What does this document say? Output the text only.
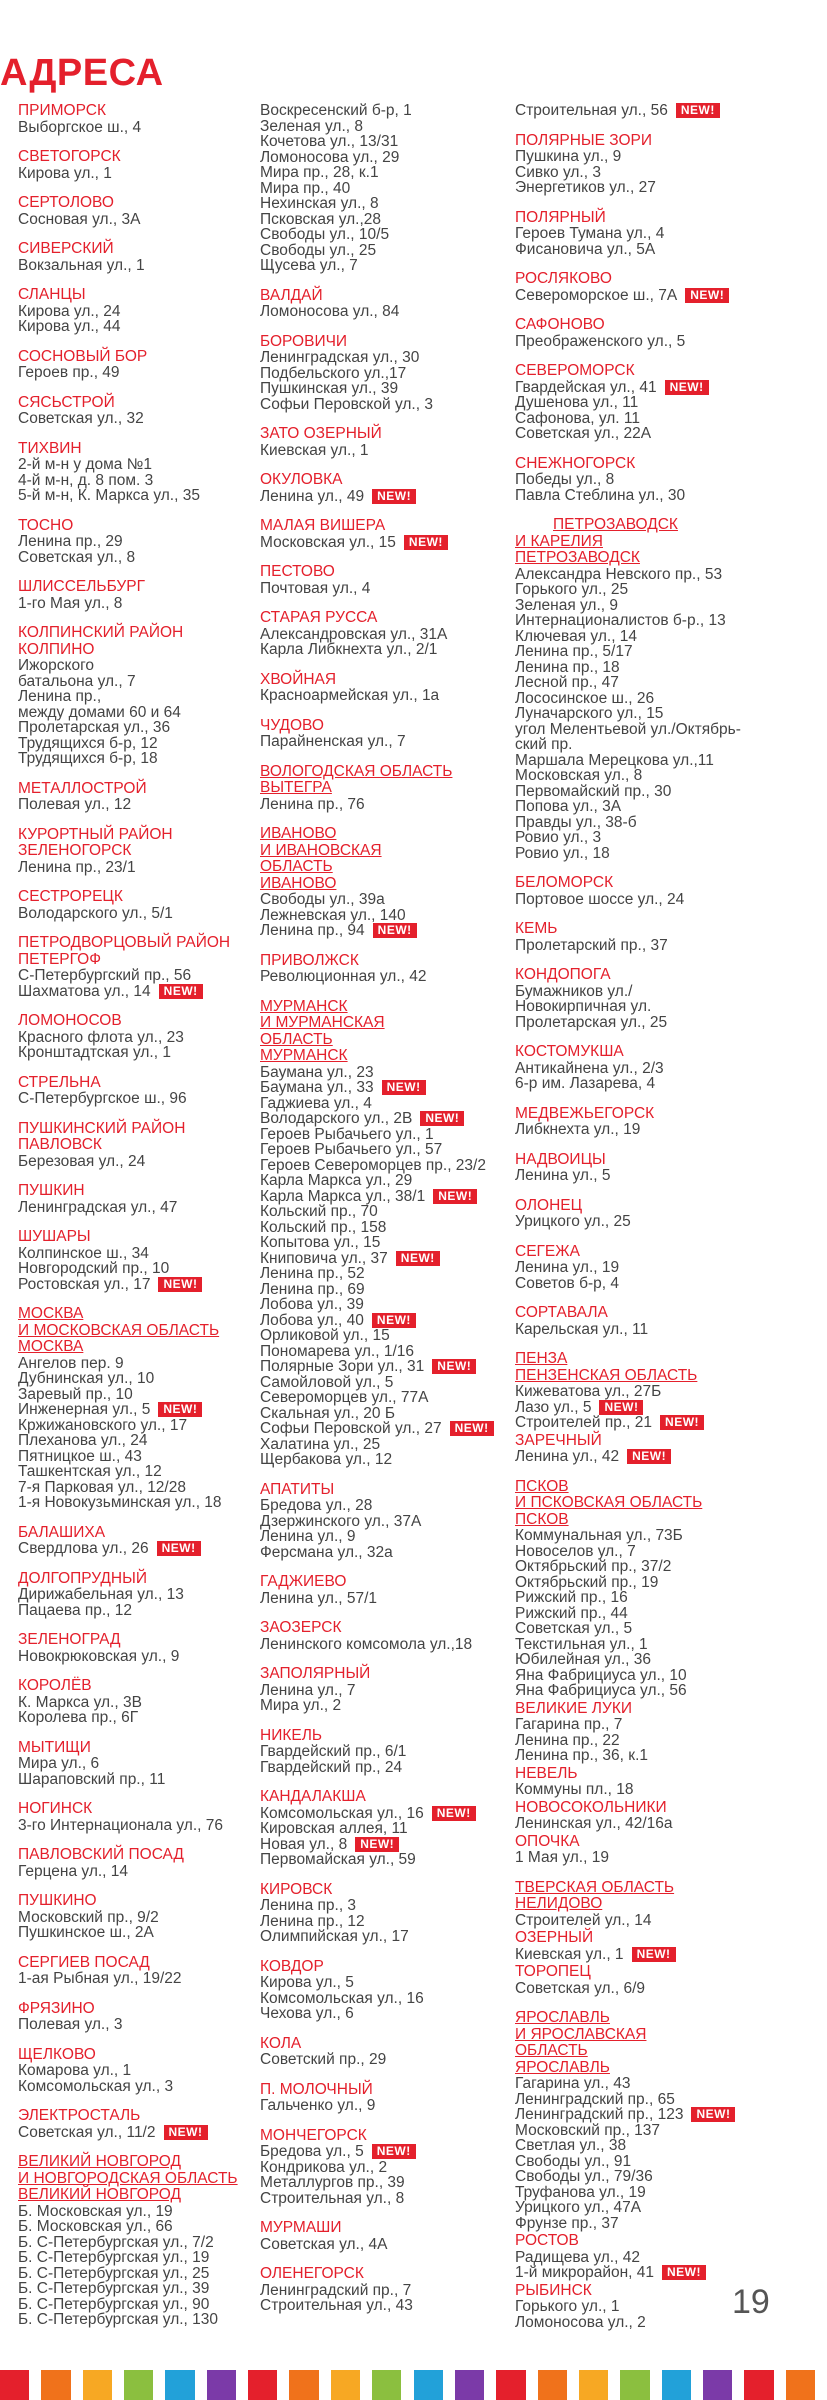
АДРЕСА
ПРИМОРСК
Выборгское ш., 4
СВЕТОГОРСК
Кирова ул., 1
СЕРТОЛОВО
Сосновая ул., 3А
СИВЕРСКИЙ
Вокзальная ул., 1
СЛАНЦЫ
Кирова ул., 24
Кирова ул., 44
СОСНОВЫЙ БОР
Героев пр., 49
СЯСЬСТРОЙ
Советская ул., 32
ТИХВИН
2-й м-н у дома №1
4-й м-н, д. 8 пом. 3
5-й м-н, К. Маркса ул., 35
ТОСНО
Ленина пр., 29
Советская ул., 8
ШЛИССЕЛЬБУРГ
1-го Мая ул., 8
КОЛПИНСКИЙ РАЙОН
КОЛПИНО
Ижорского
батальона ул., 7
Ленина пр.,
между домами 60 и 64
Пролетарская ул., 36
Трудящихся б-р, 12
Трудящихся б-р, 18
МЕТАЛЛОСТРОЙ
Полевая ул., 12
КУРОРТНЫЙ РАЙОН
ЗЕЛЕНОГОРСК
Ленина пр., 23/1
СЕСТРОРЕЦК
Володарского ул., 5/1
ПЕТРОДВОРЦОВЫЙ РАЙОН
ПЕТЕРГОФ
С-Петербургский пр., 56
Шахматова ул., 14 NEW!
ЛОМОНОСОВ
Красного флота ул., 23
Кронштадтская ул., 1
СТРЕЛЬНА
С-Петербургское ш., 96
ПУШКИНСКИЙ РАЙОН
ПАВЛОВСК
Березовая ул., 24
ПУШКИН
Ленинградская ул., 47
ШУШАРЫ
Колпинское ш., 34
Новгородский пр., 10
Ростовская ул., 17 NEW!
МОСКВА
И МОСКОВСКАЯ ОБЛАСТЬ
МОСКВА
Ангелов пер. 9
Дубнинская ул., 10
Заревый пр., 10
Инженерная ул., 5 NEW!
Кржижановского ул., 17
Плеханова ул., 24
Пятницкое ш., 43
Ташкентская ул., 12
7-я Парковая ул., 12/28
1-я Новокузьминская ул., 18
БАЛАШИХА
Свердлова ул., 26 NEW!
ДОЛГОПРУДНЫЙ
Дирижабельная ул., 13
Пацаева пр., 12
ЗЕЛЕНОГРАД
Новокрюковская ул., 9
КОРОЛЁВ
К. Маркса ул., 3В
Королева пр., 6Г
МЫТИЩИ
Мира ул., 6
Шараповский пр., 11
НОГИНСК
3-го Интернационала ул., 76
ПАВЛОВСКИЙ ПОСАД
Герцена ул., 14
ПУШКИНО
Московский пр., 9/2
Пушкинское ш., 2А
СЕРГИЕВ ПОСАД
1-ая Рыбная ул., 19/22
ФРЯЗИНО
Полевая ул., 3
ЩЕЛКОВО
Комарова ул., 1
Комсомольская ул., 3
ЭЛЕКТРОСТАЛЬ
Советская ул., 11/2 NEW!
ВЕЛИКИЙ НОВГОРОД
И НОВГОРОДСКАЯ ОБЛАСТЬ
ВЕЛИКИЙ НОВГОРОД
Б. Московская ул., 19
Б. Московская ул., 66
Б. С-Петербургская ул., 7/2
Б. С-Петербургская ул., 19
Б. С-Петербургская ул., 25
Б. С-Петербургская ул., 39
Б. С-Петербургская ул., 90
Б. С-Петербургская ул., 130
Воскресенский б-р, 1
Зеленая ул., 8
Кочетова ул., 13/31
Ломоносова ул., 29
Мира пр., 28, к.1
Мира пр., 40
Нехинская ул., 8
Псковская ул.,28
Свободы ул., 10/5
Свободы ул., 25
Щусева ул., 7
ВАЛДАЙ
Ломоносова ул., 84
БОРОВИЧИ
Ленинградская ул., 30
Подбельского ул.,17
Пушкинская ул., 39
Софьи Перовской ул., 3
ЗАТО ОЗЕРНЫЙ
Киевская ул., 1
ОКУЛОВКА
Ленина ул., 49 NEW!
МАЛАЯ ВИШЕРА
Московская ул., 15 NEW!
ПЕСТОВО
Почтовая ул., 4
СТАРАЯ РУССА
Александровская ул., 31А
Карла Либкнехта ул., 2/1
ХВОЙНАЯ
Красноармейская ул., 1а
ЧУДОВО
Парайненская ул., 7
ВОЛОГОДСКАЯ ОБЛАСТЬ
ВЫТЕГРА
Ленина пр., 76
ИВАНОВО
И ИВАНОВСКАЯ
ОБЛАСТЬ
ИВАНОВО
Свободы ул., 39а
Лежневская ул., 140
Ленина пр., 94 NEW!
ПРИВОЛЖСК
Революционная ул., 42
МУРМАНСК
И МУРМАНСКАЯ
ОБЛАСТЬ
МУРМАНСК
Баумана ул., 23
Баумана ул., 33 NEW!
Гаджиева ул., 4
Володарского ул., 2В NEW!
Героев Рыбачьего ул., 1
Героев Рыбачьего ул., 57
Героев Североморцев пр., 23/2
Карла Маркса ул., 29
Карла Маркса ул., 38/1 NEW!
Кольский пр., 70
Кольский пр., 158
Копытова ул., 15
Книповича ул., 37 NEW!
Ленина пр., 52
Ленина пр., 69
Лобова ул., 39
Лобова ул., 40 NEW!
Орликовой ул., 15
Пономарева ул., 1/16
Полярные Зори ул., 31 NEW!
Самойловой ул., 5
Североморцев ул., 77А
Скальная ул., 20 Б
Софьи Перовской ул., 27 NEW!
Халатина ул., 25
Щербакова ул., 12
АПАТИТЫ
Бредова ул., 28
Дзержинского ул., 37А
Ленина ул., 9
Ферсмана ул., 32а
ГАДЖИЕВО
Ленина ул., 57/1
ЗАОЗЕРСК
Ленинского комсомола ул.,18
ЗАПОЛЯРНЫЙ
Ленина ул., 7
Мира ул., 2
НИКЕЛЬ
Гвардейский пр., 6/1
Гвардейский пр., 24
КАНДАЛАКША
Комсомольская ул., 16 NEW!
Кировская аллея, 11
Новая ул., 8 NEW!
Первомайская ул., 59
КИРОВСК
Ленина пр., 3
Ленина пр., 12
Олимпийская ул., 17
КОВДОР
Кирова ул., 5
Комсомольская ул., 16
Чехова ул., 6
КОЛА
Советский пр., 29
П. МОЛОЧНЫЙ
Гальченко ул., 9
МОНЧЕГОРСК
Бредова ул., 5 NEW!
Кондрикова ул., 2
Металлургов пр., 39
Строительная ул., 8
МУРМАШИ
Советская ул., 4А
ОЛЕНЕГОРСК
Ленинградский пр., 7
Строительная ул., 43
Строительная ул., 56 NEW!
ПОЛЯРНЫЕ ЗОРИ
Пушкина ул., 9
Сивко ул., 3
Энергетиков ул., 27
ПОЛЯРНЫЙ
Героев Тумана ул., 4
Фисановича ул., 5А
РОСЛЯКОВО
Североморское ш., 7А NEW!
САФОНОВО
Преображенского ул., 5
СЕВЕРОМОРСК
Гвардейская ул., 41 NEW!
Душенова ул., 11
Сафонова, ул. 11
Советская ул., 22А
СНЕЖНОГОРСК
Победы ул., 8
Павла Стеблина ул., 30
ПЕТРОЗАВОДСК
И КАРЕЛИЯ
ПЕТРОЗАВОДСК
Александра Невского пр., 53
Горького ул., 25
Зеленая ул., 9
Интернационалистов б-р., 13
Ключевая ул., 14
Ленина пр., 5/17
Ленина пр., 18
Лесной пр., 47
Лососинское ш., 26
Луначарского ул., 15
угол Мелентьевой ул./Октябрь-
ский пр.
Маршала Мерецкова ул.,11
Московская ул., 8
Первомайский пр., 30
Попова ул., 3А
Правды ул., 38-б
Ровио ул., 3
Ровио ул., 18
БЕЛОМОРСК
Портовое шоссе ул., 24
КЕМЬ
Пролетарский пр., 37
КОНДОПОГА
Бумажников ул./
Новокирпичная ул.
Пролетарская ул., 25
КОСТОМУКША
Антикайнена ул., 2/3
6-р им. Лазарева, 4
МЕДВЕЖЬЕГОРСК
Либкнехта ул., 19
НАДВОИЦЫ
Ленина ул., 5
ОЛОНЕЦ
Урицкого ул., 25
СЕГЕЖА
Ленина ул., 19
Советов б-р, 4
СОРТАВАЛА
Карельская ул., 11
ПЕНЗА
ПЕНЗЕНСКАЯ ОБЛАСТЬ
Кижеватова ул., 27Б
Лазо ул., 5 NEW!
Строителей пр., 21 NEW!
ЗАРЕЧНЫЙ
Ленина ул., 42 NEW!
ПСКОВ
И ПСКОВСКАЯ ОБЛАСТЬ
ПСКОВ
Коммунальная ул., 73Б
Новоселов ул., 7
Октябрьский пр., 37/2
Октябрьский пр., 19
Рижский пр., 16
Рижский пр., 44
Советская ул., 5
Текстильная ул., 1
Юбилейная ул., 36
Яна Фабрициуса ул., 10
Яна Фабрициуса ул., 56
ВЕЛИКИЕ ЛУКИ
Гагарина пр., 7
Ленина пр., 22
Ленина пр., 36, к.1
НЕВЕЛЬ
Коммуны пл., 18
НОВОСОКОЛЬНИКИ
Ленинская ул., 42/16а
ОПОЧКА
1 Мая ул., 19
ТВЕРСКАЯ ОБЛАСТЬ
НЕЛИДОВО
Строителей ул., 14
ОЗЕРНЫЙ
Киевская ул., 1 NEW!
ТОРОПЕЦ
Советская ул., 6/9
ЯРОСЛАВЛЬ
И ЯРОСЛАВСКАЯ
ОБЛАСТЬ
ЯРОСЛАВЛЬ
Гагарина ул., 43
Ленинградский пр., 65
Ленинградский пр., 123 NEW!
Московский пр., 137
Светлая ул., 38
Свободы ул., 91
Свободы ул., 79/36
Труфанова ул., 19
Урицкого ул., 47А
Фрунзе пр., 37
РОСТОВ
Радищева ул., 42
1-й микрорайон, 41 NEW!
РЫБИНСК
Горького ул., 1
Ломоносова ул., 2
19
